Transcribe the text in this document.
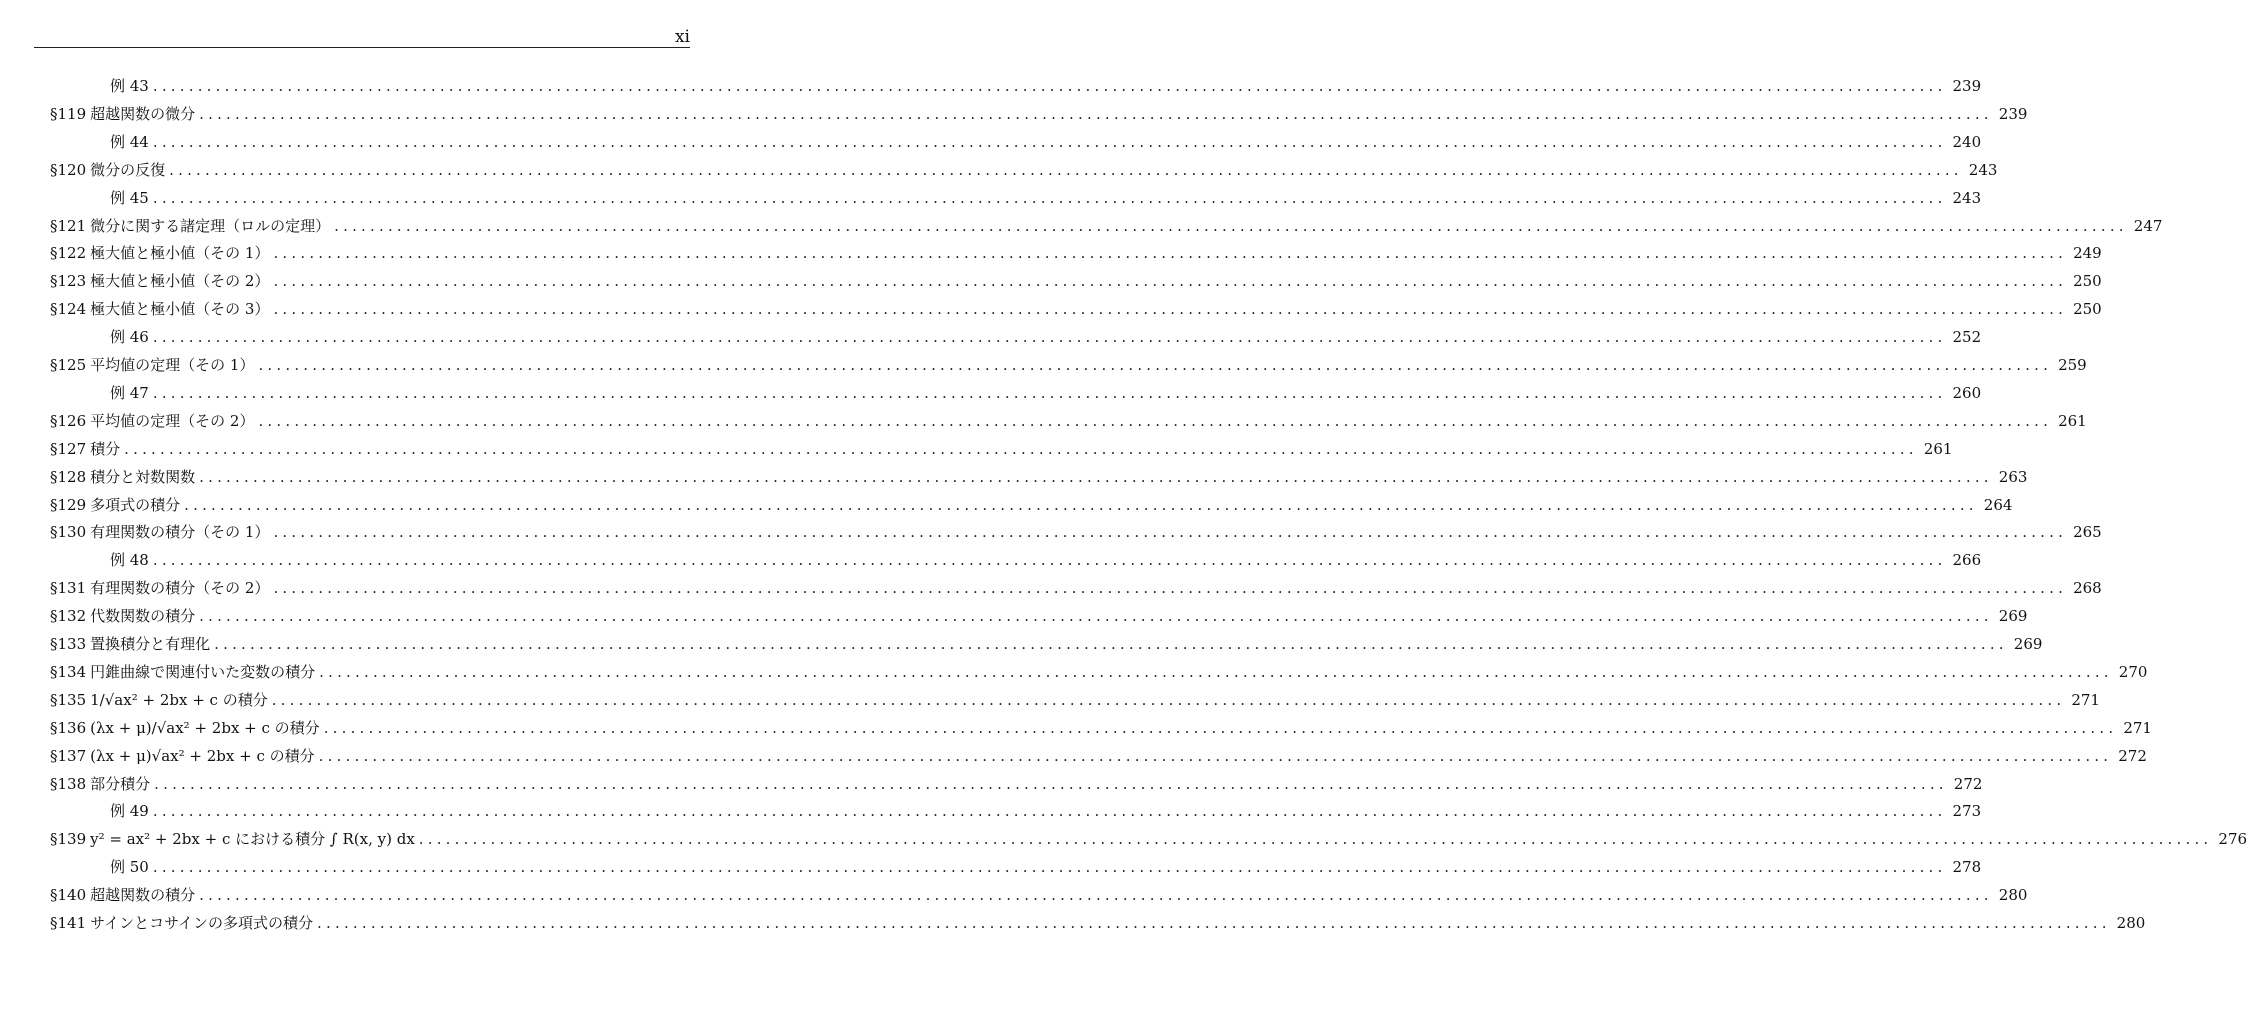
xi
例 43 ........................................................................................................................................................................................................ 239
§119 超越関数の微分 ........................................................................................................................................................................................................ 239
例 44 ........................................................................................................................................................................................................ 240
§120 微分の反復 ........................................................................................................................................................................................................ 243
例 45 ........................................................................................................................................................................................................ 243
§121 微分に関する諸定理（ロルの定理） ........................................................................................................................................................................................................ 247
§122 極大値と極小値（その 1） ........................................................................................................................................................................................................ 249
§123 極大値と極小値（その 2） ........................................................................................................................................................................................................ 250
§124 極大値と極小値（その 3） ........................................................................................................................................................................................................ 250
例 46 ........................................................................................................................................................................................................ 252
§125 平均値の定理（その 1） ........................................................................................................................................................................................................ 259
例 47 ........................................................................................................................................................................................................ 260
§126 平均値の定理（その 2） ........................................................................................................................................................................................................ 261
§127 積分 ........................................................................................................................................................................................................ 261
§128 積分と対数関数 ........................................................................................................................................................................................................ 263
§129 多項式の積分 ........................................................................................................................................................................................................ 264
§130 有理関数の積分（その 1） ........................................................................................................................................................................................................ 265
例 48 ........................................................................................................................................................................................................ 266
§131 有理関数の積分（その 2） ........................................................................................................................................................................................................ 268
§132 代数関数の積分 ........................................................................................................................................................................................................ 269
§133 置換積分と有理化 ........................................................................................................................................................................................................ 269
§134 円錐曲線で関連付いた変数の積分 ........................................................................................................................................................................................................ 270
§135 1/√ax² + 2bx + c の積分 ........................................................................................................................................................................................................ 271
§136 (λx + μ)/√ax² + 2bx + c の積分 ........................................................................................................................................................................................................ 271
§137 (λx + μ)√ax² + 2bx + c の積分 ........................................................................................................................................................................................................ 272
§138 部分積分 ........................................................................................................................................................................................................ 272
例 49 ........................................................................................................................................................................................................ 273
§139 y² = ax² + 2bx + c における積分 ∫ R(x, y) dx ........................................................................................................................................................................................................ 276
例 50 ........................................................................................................................................................................................................ 278
§140 超越関数の積分 ........................................................................................................................................................................................................ 280
§141 サインとコサインの多項式の積分 ........................................................................................................................................................................................................ 280
